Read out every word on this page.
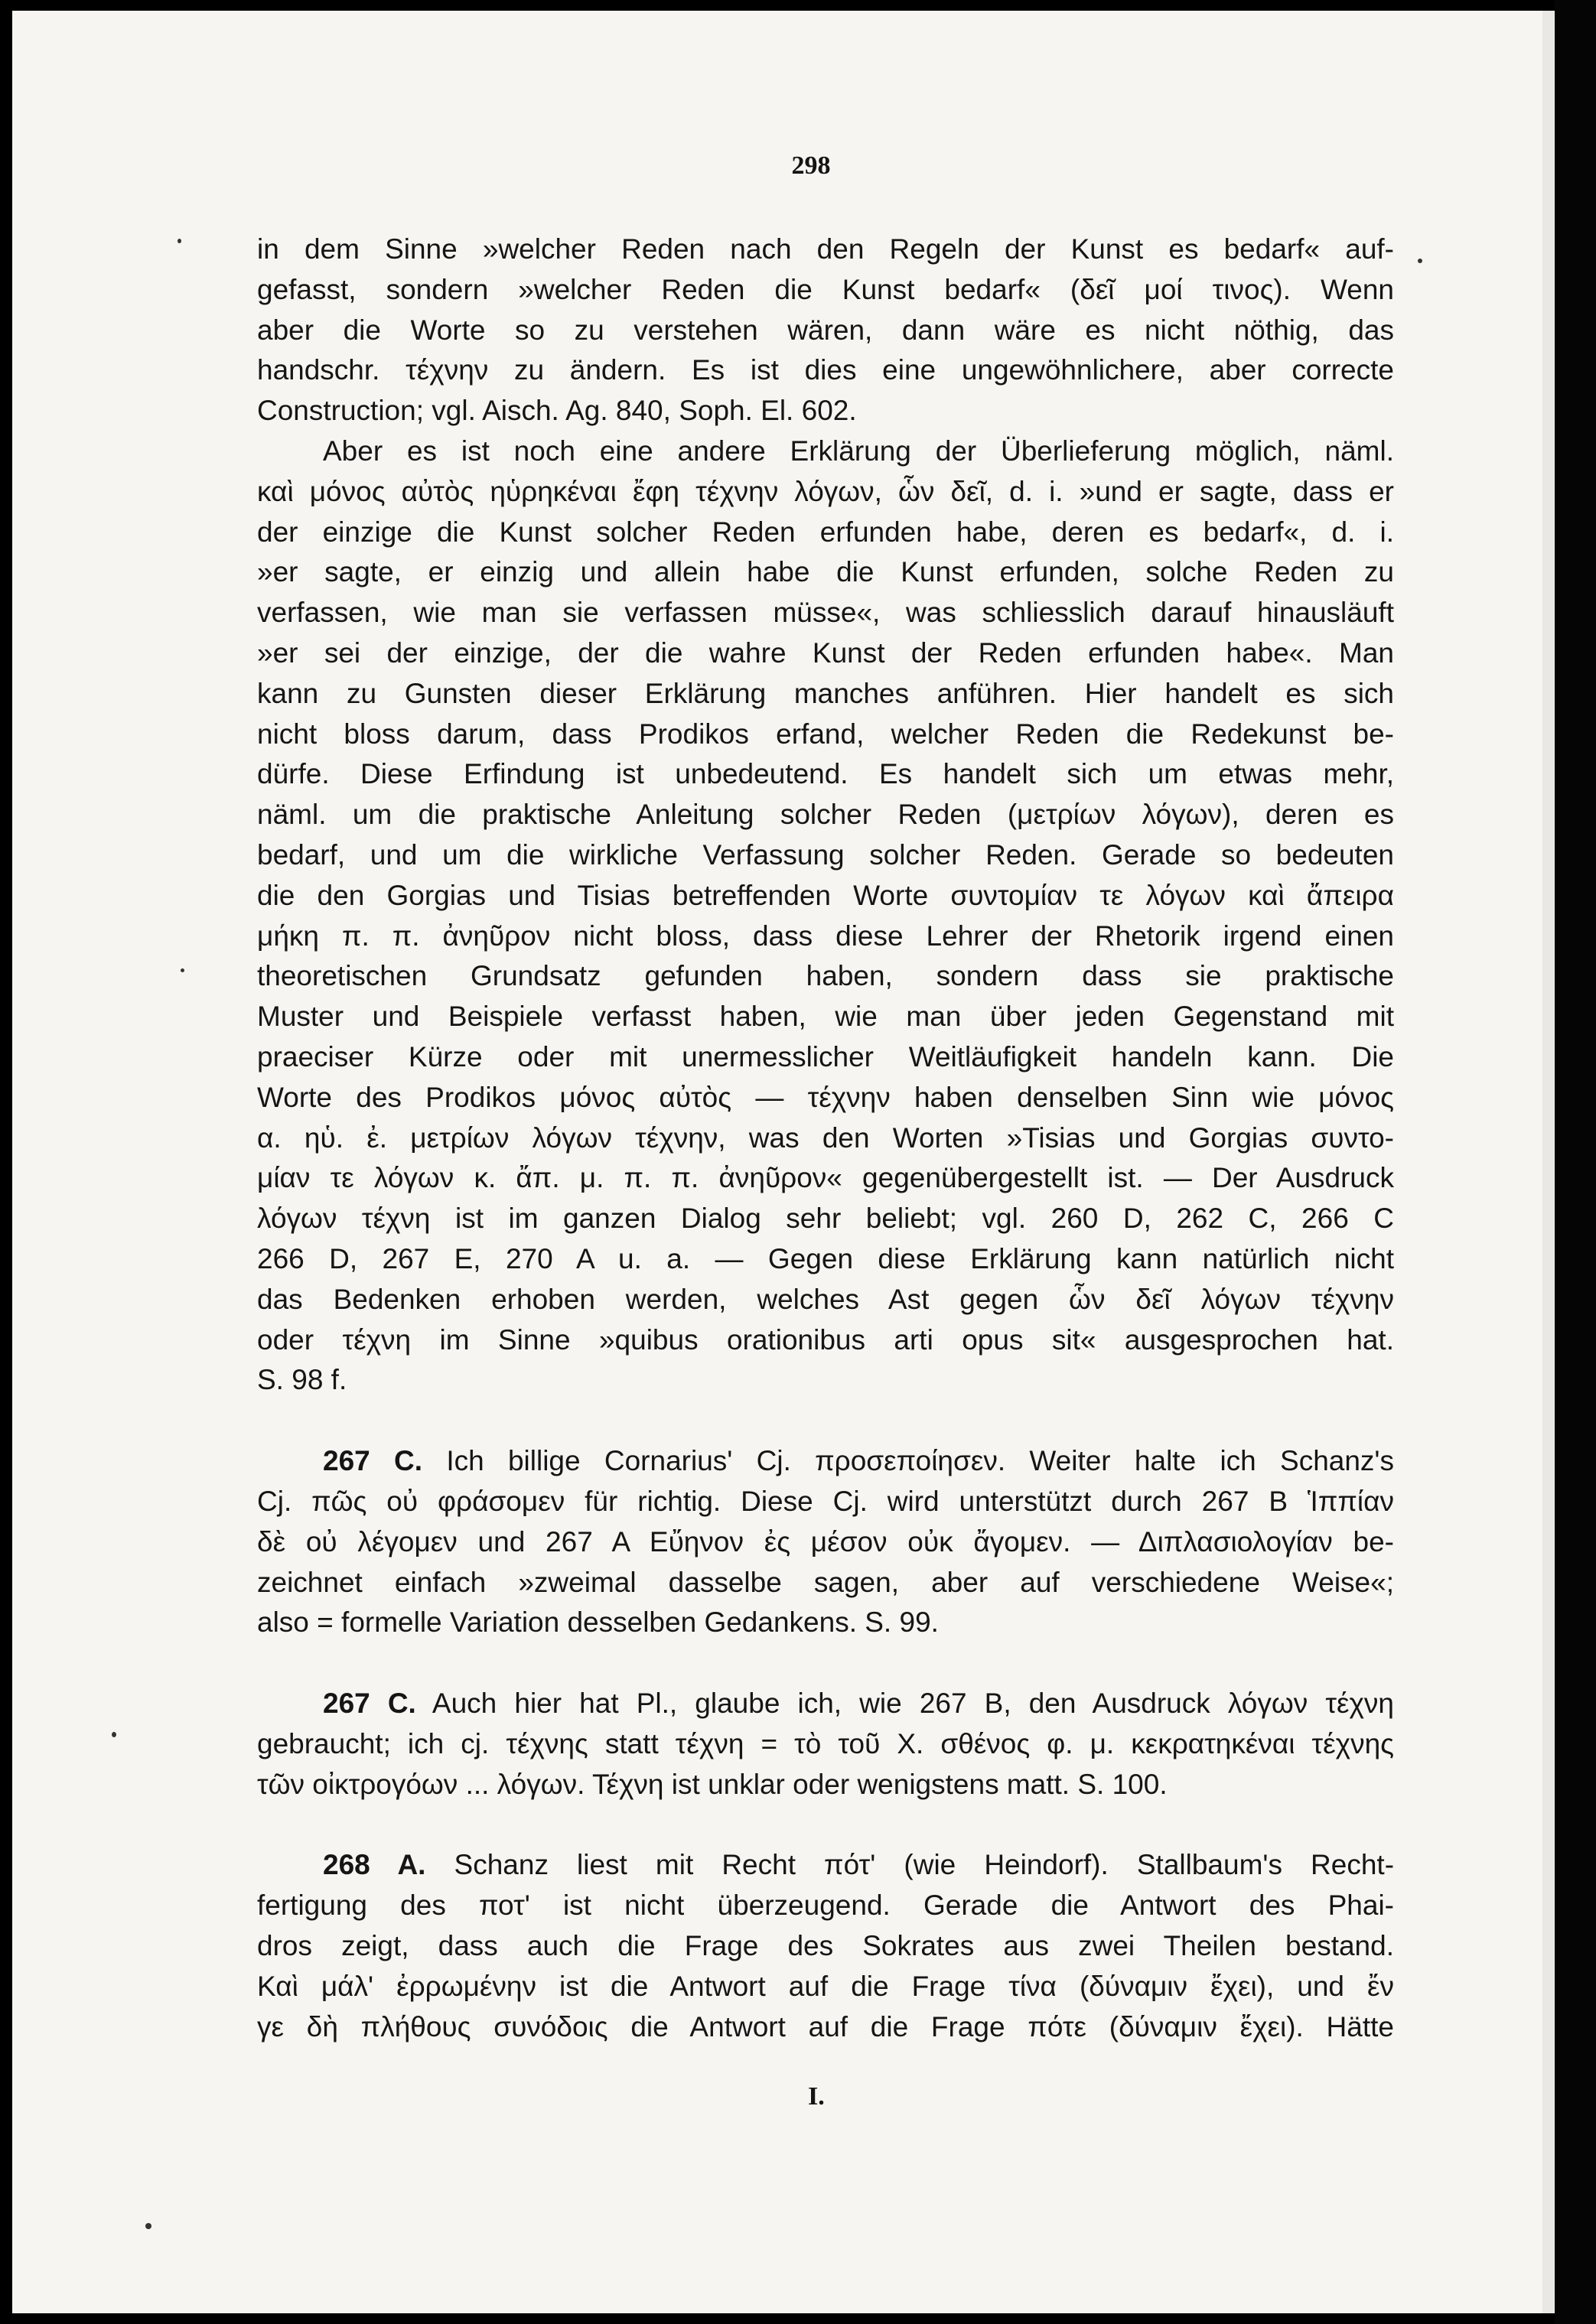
298
in dem Sinne »welcher Reden nach den Regeln der Kunst es bedarf« auf-
gefasst, sondern »welcher Reden die Kunst bedarf« (δεῖ μοί τινος). Wenn
aber die Worte so zu verstehen wären, dann wäre es nicht nöthig, das
handschr. τέχνην zu ändern. Es ist dies eine ungewöhnlichere, aber correcte
Construction; vgl. Aisch. Ag. 840, Soph. El. 602.
Aber es ist noch eine andere Erklärung der Überlieferung möglich, näml.
καὶ μόνος αὐτὸς ηὑρηκέναι ἔφη τέχνην λόγων, ὧν δεῖ, d. i. »und er sagte, dass er
der einzige die Kunst solcher Reden erfunden habe, deren es bedarf«, d. i.
»er sagte, er einzig und allein habe die Kunst erfunden, solche Reden zu
verfassen, wie man sie verfassen müsse«, was schliesslich darauf hinausläuft
»er sei der einzige, der die wahre Kunst der Reden erfunden habe«. Man
kann zu Gunsten dieser Erklärung manches anführen. Hier handelt es sich
nicht bloss darum, dass Prodikos erfand, welcher Reden die Redekunst be-
dürfe. Diese Erfindung ist unbedeutend. Es handelt sich um etwas mehr,
näml. um die praktische Anleitung solcher Reden (μετρίων λόγων), deren es
bedarf, und um die wirkliche Verfassung solcher Reden. Gerade so bedeuten
die den Gorgias und Tisias betreffenden Worte συντομίαν τε λόγων καὶ ἄπειρα
μήκη π. π. ἀνηῦρον nicht bloss, dass diese Lehrer der Rhetorik irgend einen
theoretischen Grundsatz gefunden haben, sondern dass sie praktische
Muster und Beispiele verfasst haben, wie man über jeden Gegenstand mit
praeciser Kürze oder mit unermesslicher Weitläufigkeit handeln kann. Die
Worte des Prodikos μόνος αὐτὸς — τέχνην haben denselben Sinn wie μόνος
α. ηὑ. ἐ. μετρίων λόγων τέχνην, was den Worten »Tisias und Gorgias συντο-
μίαν τε λόγων κ. ἄπ. μ. π. π. ἀνηῦρον« gegenübergestellt ist. — Der Ausdruck
λόγων τέχνη ist im ganzen Dialog sehr beliebt; vgl. 260 D, 262 C, 266 C
266 D, 267 E, 270 A u. a. — Gegen diese Erklärung kann natürlich nicht
das Bedenken erhoben werden, welches Ast gegen ὧν δεῖ λόγων τέχνην
oder τέχνη im Sinne »quibus orationibus arti opus sit« ausgesprochen hat.
S. 98 f.
267 C. Ich billige Cornarius' Cj. προσεποίησεν. Weiter halte ich Schanz's
Cj. πῶς οὐ φράσομεν für richtig. Diese Cj. wird unterstützt durch 267 B Ἱππίαν
δὲ οὐ λέγομεν und 267 A Εὔηνον ἐς μέσον οὐκ ἄγομεν. — Διπλασιολογίαν be-
zeichnet einfach »zweimal dasselbe sagen, aber auf verschiedene Weise«;
also = formelle Variation desselben Gedankens. S. 99.
267 C. Auch hier hat Pl., glaube ich, wie 267 B, den Ausdruck λόγων τέχνη
gebraucht; ich cj. τέχνης statt τέχνη = τὸ τοῦ Χ. σθένος φ. μ. κεκρατηκέναι τέχνης
τῶν οἰκτρογόων ... λόγων. Τέχνη ist unklar oder wenigstens matt. S. 100.
268 A. Schanz liest mit Recht πότ' (wie Heindorf). Stallbaum's Recht-
fertigung des ποτ' ist nicht überzeugend. Gerade die Antwort des Phai-
dros zeigt, dass auch die Frage des Sokrates aus zwei Theilen bestand.
Καὶ μάλ' ἐρρωμένην ist die Antwort auf die Frage τίνα (δύναμιν ἔχει), und ἔν
γε δὴ πλήθους συνόδοις die Antwort auf die Frage πότε (δύναμιν ἔχει). Hätte
I.
